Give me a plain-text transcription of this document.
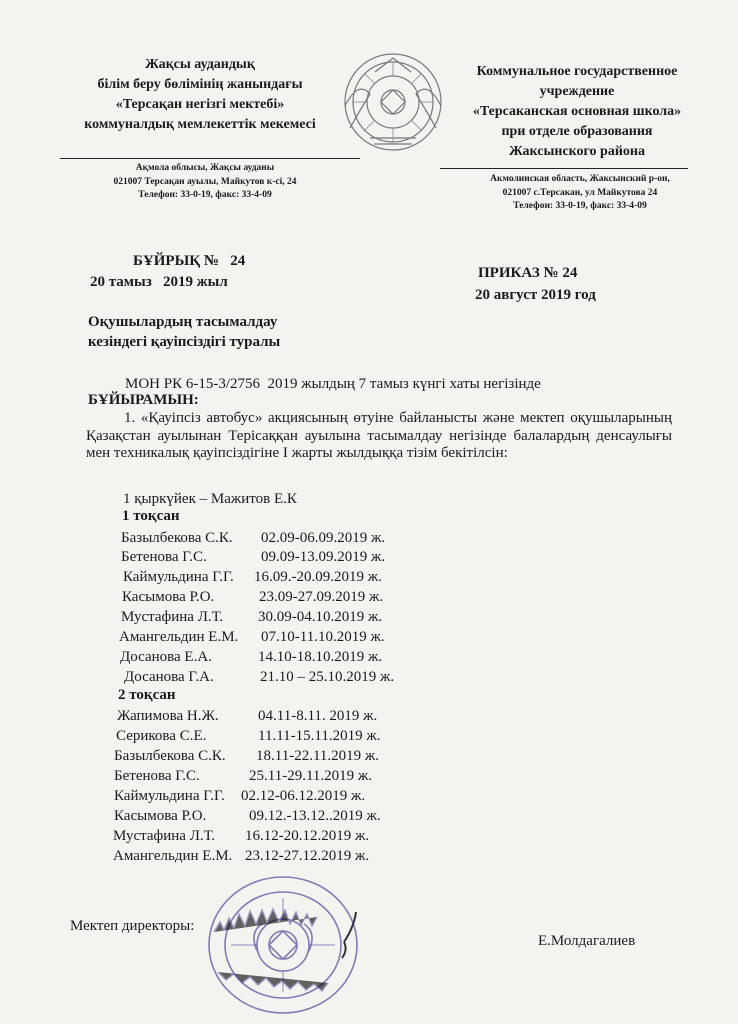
Жақсы аудандық
білім беру бөлімінің жанындағы
«Терсақан негізгі мектебі»
коммуналдық мемлекеттік мекемесі
Коммунальное государственное
учреждение
«Терсаканская основная школа»
при отделе образования
Жаксынского района
Ақмола облысы, Жақсы ауданы
021007 Терсақан ауылы, Майкутов к-сі, 24
Телефон: 33-0-19, факс: 33-4-09
Акмолинская область, Жаксынский р-он,
021007 с.Терсакан, ул Майкутова 24
Телефон: 33-0-19, факс: 33-4-09
БҰЙРЫҚ №   24
20 тамыз   2019 жыл
ПРИКАЗ № 24
20 август 2019 год
Оқушылардың тасымалдау
кезіндегі қауіпсіздігі туралы
МОН РК 6-15-3/2756  2019 жылдың 7 тамыз күнгі хаты негізінде
БҰЙЫРАМЫН:
1. «Қауіпсіз автобус» акциясының өтуіне байланысты және мектеп оқушыларының Қазақстан ауылынан Терісаққан ауылына тасымалдау негізінде балалардың денсаулығы мен техникалық қауіпсіздігіне I жарты жылдыққа тізім бекітілсін:
1 қыркүйек – Мажитов Е.К
1 тоқсан
Базылбекова С.К. 02.09-06.09.2019 ж.
Бетенова Г.С.	09.09-13.09.2019 ж.
Каймульдина Г.Г. 16.09.-20.09.2019 ж.
Касымова Р.О.	23.09-27.09.2019 ж.
Мустафина Л.Т. 30.09-04.10.2019 ж.
Амангельдин Е.М. 07.10-11.10.2019 ж.
Досанова Е.А.	14.10-18.10.2019 ж.
Досанова Г.А.	21.10 – 25.10.2019 ж.
2 тоқсан
Жапимова Н.Ж.	04.11-8.11. 2019 ж.
Серикова С.Е.	11.11-15.11.2019 ж.
Базылбекова С.К. 18.11-22.11.2019 ж.
Бетенова Г.С.	25.11-29.11.2019 ж.
Каймульдина Г.Г. 02.12-06.12.2019 ж.
Касымова Р.О.	09.12.-13.12..2019 ж.
Мустафина Л.Т. 16.12-20.12.2019 ж.
Амангельдин Е.М. 23.12-27.12.2019 ж.
Мектеп директоры:
Е.Молдагалиев
